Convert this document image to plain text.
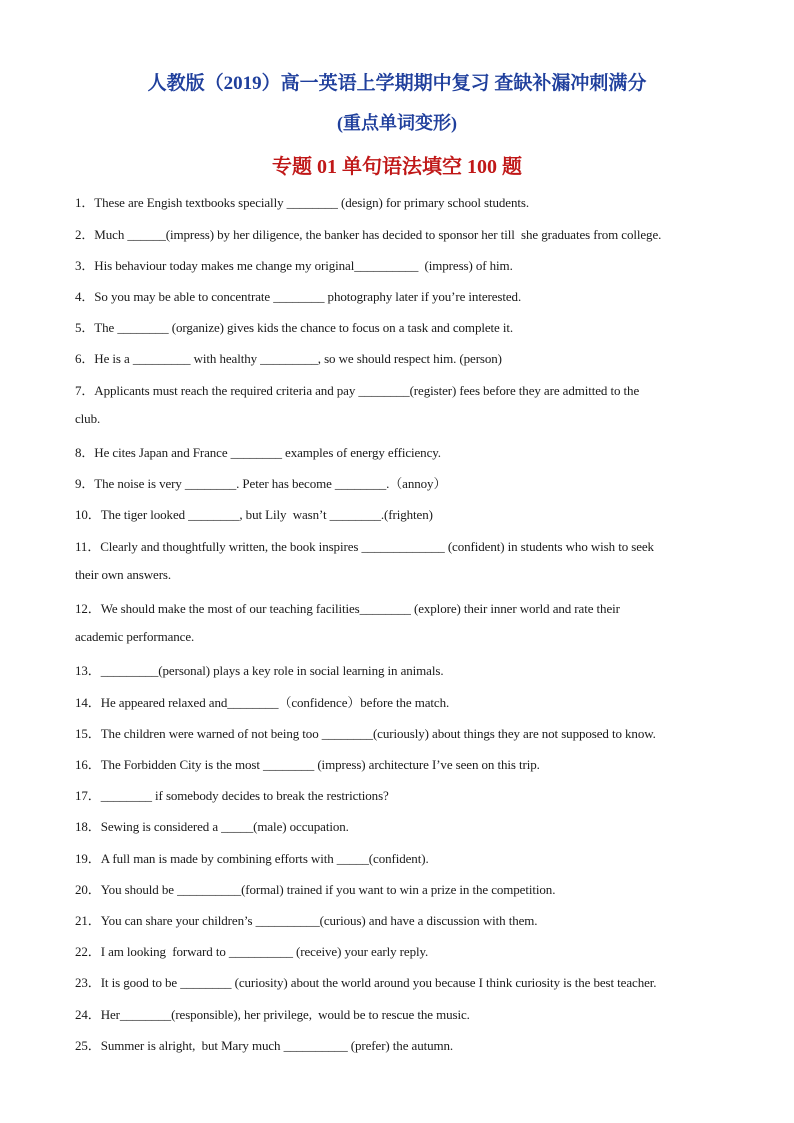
人教版（2019）高一英语上学期期中复习 查缺补漏冲刺满分
(重点单词变形)
专题 01 单句语法填空 100 题
1．These are Engish textbooks specially ________ (design) for primary school students.
2．Much ______(impress) by her diligence, the banker has decided to sponsor her till  she graduates from college.
3．His behaviour today makes me change my original__________  (impress) of him.
4．So you may be able to concentrate ________ photography later if you’re interested.
5．The ________ (organize) gives kids the chance to focus on a task and complete it.
6．He is a _________ with healthy _________, so we should respect him. (person)
7．Applicants must reach the required criteria and pay ________(register) fees before they are admitted to the
club.
8．He cites Japan and France ________ examples of energy efficiency.
9．The noise is very ________. Peter has become ________.（annoy）
10．The tiger looked ________, but Lily  wasn’t ________.(frighten)
11．Clearly and thoughtfully written, the book inspires _____________ (confident) in students who wish to seek
their own answers.
12．We should make the most of our teaching facilities________ (explore) their inner world and rate their
academic performance.
13．_________(personal) plays a key role in social learning in animals.
14．He appeared relaxed and________（confidence）before the match.
15．The children were warned of not being too ________(curiously) about things they are not supposed to know.
16．The Forbidden City is the most ________ (impress) architecture I’ve seen on this trip.
17．________ if somebody decides to break the restrictions?
18．Sewing is considered a _____(male) occupation.
19．A full man is made by combining efforts with _____(confident).
20．You should be __________(formal) trained if you want to win a prize in the competition.
21．You can share your children’s __________(curious) and have a discussion with them.
22．I am looking  forward to __________ (receive) your early reply.
23．It is good to be ________ (curiosity) about the world around you because I think curiosity is the best teacher.
24．Her________(responsible), her privilege,  would be to rescue the music.
25．Summer is alright,  but Mary much __________ (prefer) the autumn.
